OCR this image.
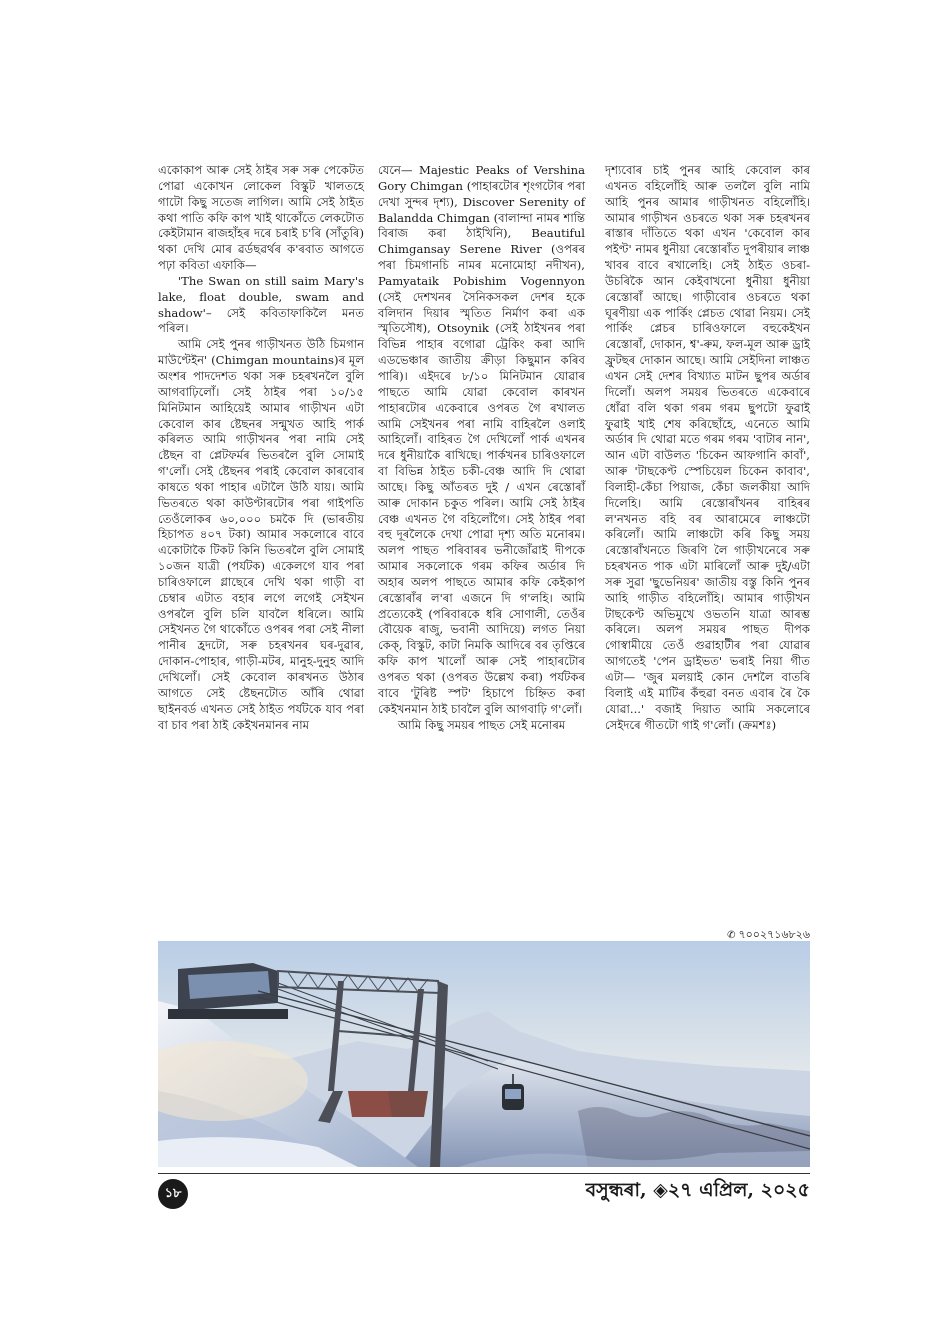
একোকাপ আৰু সেই ঠাইৰ সৰু সৰু পেকেটত পোৱা একোখন লোকেল বিস্কুট খালতহে গাটো কিছু সতেজ লাগিল। আমি সেই ঠাইত কথা পাতি কফি কাপ খাই থাকোঁতে লেকটোত কেইটামান ৰাজহাঁহৰ দৰে চৰাই চ'ৰি (সাঁতুৰি) থকা দেখি মোৰ ৱৰ্ডছৱৰ্থৰ ক'ৰবাত আগতে পঢ়া কবিতা এফাকি—

'The Swan on still saim Mary's lake, float double, swam and shadow'– সেই কবিতাফাকিলৈ মনত পৰিল।

আমি সেই পুনৰ গাড়ীখনত উঠি চিমগান মাউণ্টেইন' (Chimgan mountains)ৰ মূল অংশৰ পাদদেশত থকা সৰু চহৰখনলৈ বুলি আগবাঢ়িলোঁ। সেই ঠাইৰ পৰা ১০/১৫ মিনিটমান আহিয়েই আমাৰ গাড়ীখন এটা কেবোল কাৰ ষ্টেছনৰ সন্মুখত আহি পাৰ্ক কৰিলত আমি গাড়ীখনৰ পৰা নামি সেই ষ্টেছন বা প্লেটফৰ্মৰ ভিতৰলৈ বুলি সোমাই গ'লোঁ। সেই ষ্টেছনৰ পৰাই কেবোল কাৰবোৰ কাষতে থকা পাহাৰ এটালৈ উঠি যায়। আমি ভিতৰতে থকা কাউণ্টাৰটোৰ পৰা গাইপতি তেওঁলোকৰ ৬০,০০০ চমকৈ দি (ভাৰতীয় হিচাপত ৪০৭ টকা) আমাৰ সকলোৰে বাবে একোটাকৈ টিকট কিনি ভিতৰলৈ বুলি সোমাই ১০জন যাত্ৰী (পৰ্যটক) একেলগে যাব পৰা চাৰিওফালে গ্লাছেৰে দেখি থকা গাড়ী বা চেম্বাৰ এটাত বহাৰ লগে লগেই সেইখন ওপৰলৈ বুলি চলি যাবলৈ ধৰিলে। আমি সেইখনত গৈ থাকোঁতে ওপৰৰ পৰা সেই নীলা পানীৰ হ্ৰদটো, সৰু চহৰখনৰ ঘৰ-দুৱাৰ, দোকান-পোহাৰ, গাড়ী-মটৰ, মানুহ-দুনুহ আদি দেখিলোঁ। সেই কেবোল কাৰখনত উঠাৰ আগতে সেই ষ্টেছনটোত আঁৰি থোৱা ছাইনবৰ্ড এখনত সেই ঠাইত পৰ্যটকে যাব পৰা বা চাব পৰা ঠাই কেইখনমানৰ নাম

যেনে— Majestic Peaks of Vershina Gory Chimgan (পাহাৰটোৰ শৃংগটোৰ পৰা দেখা সুন্দৰ দৃশ্য), Discover Serenity of Balandda Chimgan (বালান্দা নামৰ শান্তি বিৰাজ কৰা ঠাইখিনি), Beautiful Chimgansay Serene River (ওপৰৰ পৰা চিমগানচি নামৰ মনোমোহা নদীখন), Pamyataik Pobishim Vogennyon (সেই দেশখনৰ সৈনিকসকল দেশৰ হকে বলিদান দিয়াৰ স্মৃতিত নিৰ্মাণ কৰা এক স্মৃতিসৌধ), Otsoynik (সেই ঠাইখনৰ পৰা বিভিন্ন পাহাৰ বগোৱা ট্ৰেকিং কৰা আদি এডভেঞ্চাৰ জাতীয় ক্ৰীড়া কিছুমান কৰিব পাৰি)। এইদৰে ৮/১০ মিনিটমান যোৱাৰ পাছতে আমি যোৱা কেবোল কাৰখন পাহাৰটোৰ একেবাৰে ওপৰত গৈ ৰখালত আমি সেইখনৰ পৰা নামি বাহিৰলৈ ওলাই আহিলোঁ। বাহিৰত গৈ দেখিলোঁ পাৰ্ক এখনৰ দৰে ধুনীয়াকৈ ৰাখিছে। পাৰ্কখনৰ চাৰিওফালে বা বিভিন্ন ঠাইত চকী-বেঞ্চ আদি দি থোৱা আছে। কিছু আঁতৰত দুই / এখন ৰেস্তোৰাঁ আৰু দোকান চকুত পৰিল। আমি সেই ঠাইৰ বেঞ্চ এখনত গৈ বহিলোঁগৈ। সেই ঠাইৰ পৰা বহু দূৰলৈকে দেখা পোৱা দৃশ্য অতি মনোৰম। অলপ পাছত পৰিবাৰৰ ভনীজোঁৱাই দীপকে আমাৰ সকলোকে গৰম কফিৰ অৰ্ডাৰ দি অহাৰ অলপ পাছতে আমাৰ কফি কেইকাপ ৰেস্তোৰাঁৰ ল'ৰা এজনে দি গ'লহি। আমি প্ৰত্যেকেই (পৰিবাৰকে ধৰি সোণালী, তেওঁৰ বৌয়েক ৰাজু, ভবানী আদিয়ে) লগত নিয়া কেক্, বিস্কুট, কাটা নিমকি আদিৰে বৰ তৃপ্তিৰে কফি কাপ খালোঁ আৰু সেই পাহাৰটোৰ ওপৰত থকা (ওপৰত উল্লেখ কৰা) পৰ্যটকৰ বাবে 'টুৰিষ্ট স্পট' হিচাপে চিহ্নিত কৰা কেইখনমান ঠাই চাবলৈ বুলি আগবাঢ়ি গ'লোঁ।

আমি কিছু সময়ৰ পাছত সেই মনোৰম

দৃশ্যবোৰ চাই পুনৰ আহি কেবোল কাৰ এখনত বহিলোঁহি আৰু তললৈ বুলি নামি আহি পুনৰ আমাৰ গাড়ীখনত বহিলোঁহি। আমাৰ গাড়ীখন ওচৰতে থকা সৰু চহৰখনৰ ৰাস্তাৰ দাঁতিতে থকা এখন 'কেবোল কাৰ পইণ্ট' নামৰ ধুনীয়া ৰেস্তোৰাঁত দুপৰীয়াৰ লাঞ্চ খাবৰ বাবে ৰখালেহি। সেই ঠাইত ওচৰা-উচৰিকৈ আন কেইবাখনো ধুনীয়া ধুনীয়া ৰেস্তোৰাঁ আছে। গাড়ীবোৰ ওচৰতে থকা ঘূৰণীয়া এক পাৰ্কিং প্লেচত থোৱা নিয়ম। সেই পাৰ্কিং প্লেচৰ চাৰিওফালে বহুকেইখন ৰেস্তোৰাঁ, দোকান, শ্ব'-ৰুম, ফল-মূল আৰু ড্ৰাই ফ্ৰুটছৰ দোকান আছে। আমি সেইদিনা লাঞ্চত এখন সেই দেশৰ বিখ্যাত মাটন ছুপৰ অৰ্ডাৰ দিলোঁ। অলপ সময়ৰ ভিতৰতে একেবাৰে ধোঁৱা বলি থকা গৰম গৰম ছুপটো ফুৱাই ফুৱাই খাই শেষ কৰিছোঁহে, এনেতে আমি অৰ্ডাৰ দি থোৱা মতে গৰম গৰম 'বাটাৰ নান', আন এটা বাউলত 'চিকেন আফগানি কাবাঁ', আৰু 'টাছকেণ্ট স্পেচিয়েল চিকেন কাবাব', বিলাহী-কেঁচা পিয়াজ, কেঁচা জলকীয়া আদি দিলেহি। আমি ৰেস্তোৰাঁখনৰ বাহিৰৰ ল'নখনত বহি বৰ আৰামেৰে লাঞ্চটো কৰিলোঁ। আমি লাঞ্চটো কৰি কিছু সময় ৰেস্তোৰাঁখনতে জিৰণি লৈ গাড়ীখনেৰে সৰু চহৰখনত পাক এটা মাৰিলোঁ আৰু দুই/এটা সৰু সুৱা 'ছুভেনিয়ৰ' জাতীয় বস্তু কিনি পুনৰ আহি গাড়ীত বহিলোঁহি। আমাৰ গাড়ীখন টাছকেণ্ট অভিমুখে ওভতনি যাত্ৰা আৰম্ভ কৰিলে। অলপ সময়ৰ পাছত দীপক গোস্বামীয়ে তেওঁ গুৱাহাটীৰ পৰা যোৱাৰ আগতেই 'পেন ড্ৰাইভত' ভৰাই নিয়া গীত এটা— 'জুৰ মলয়াই কোন দেশলৈ বাতৰি বিলাই এই মাটিৰ কঁহুৱা বনত এবাৰ ৰৈ কৈ যোৱা...' বজাই দিয়াত আমি সকলোৰে সেইদৰে গীতটো গাই গ'লোঁ। (ক্ৰমশঃ)

✆ ৭০০২৭১৬৮২৬
১৮	বসুন্ধৰা, ◈২৭ এপ্ৰিল, ২০২৫
